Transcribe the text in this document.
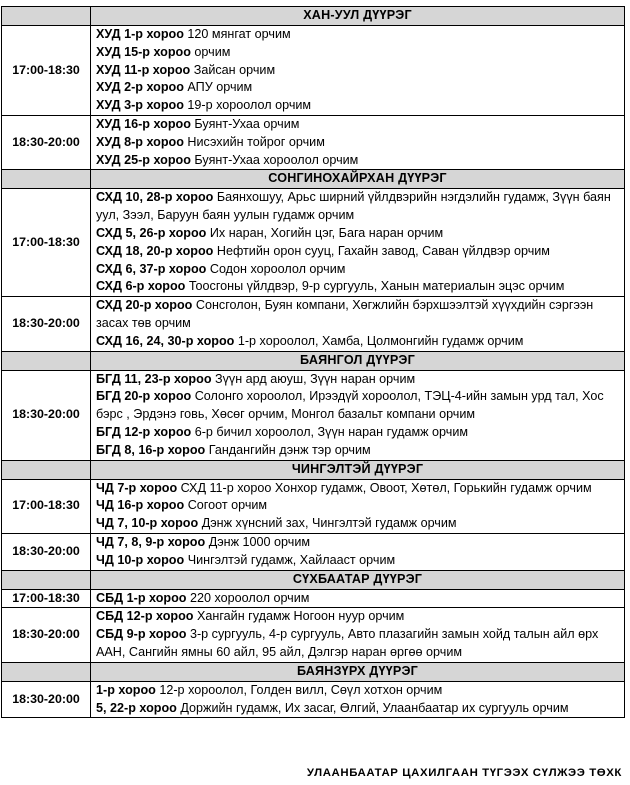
	ХАН-УУЛ ДҮҮРЭГ
17:00-18:30	ХУД 1-р хороо 120 мянгат орчим
ХУД 15-р хороо орчим
ХУД 11-р хороо Зайсан орчим
ХУД 2-р хороо АПУ орчим
ХУД 3-р хороо 19-р хороолол орчим

18:30-20:00	ХУД 16-р хороо Буянт-Ухаа орчим
ХУД 8-р хороо Нисэхийн тойрог орчим
ХУД 25-р хороо Буянт-Ухаа хороолол орчим

	СОНГИНОХАЙРХАН ДҮҮРЭГ
17:00-18:30	СХД 10, 28-р хороо Баянхошуу, Арьс ширний үйлдвэрийн нэгдэлийн гудамж, Зүүн баян уул, Зээл, Баруун баян уулын гудамж орчим
СХД 5, 26-р хороо Их наран, Хогийн цэг, Бага наран орчим
СХД 18, 20-р хороо Нефтийн орон сууц, Гахайн завод, Саван үйлдвэр орчим
СХД 6, 37-р хороо Содон хороолол орчим
СХД 6-р хороо Тоосгоны үйлдвэр, 9-р сургууль, Ханын материалын эцэс орчим

18:30-20:00	СХД 20-р хороо Сонсголон, Буян компани, Хөгжлийн бэрхшээлтэй хүүхдийн сэргээн засах төв орчим
СХД 16, 24, 30-р хороо 1-р хороолол, Хамба, Цолмонгийн гудамж орчим

	БАЯНГОЛ ДҮҮРЭГ
18:30-20:00	БГД 11, 23-р хороо Зүүн ард аюуш, Зүүн наран орчим
БГД 20-р хороо Солонго хороолол, Ирээдүй хороолол, ТЭЦ-4-ийн замын урд тал, Хос бэрс , Эрдэнэ говь, Хөсөг орчим, Монгол базальт компани орчим
БГД 12-р хороо 6-р бичил хороолол, Зүүн наран гудамж орчим
БГД 8, 16-р хороо Гандангийн дэнж тэр орчим

	ЧИНГЭЛТЭЙ ДҮҮРЭГ
17:00-18:30	ЧД 7-р хороо СХД 11-р хороо Хонхор гудамж, Овоот, Хөтөл, Горькийн гудамж орчим
ЧД 16-р хороо Согоот орчим
ЧД 7, 10-р хороо Дэнж хүнсний зах, Чингэлтэй гудамж орчим

18:30-20:00	ЧД 7, 8, 9-р хороо Дэнж 1000 орчим
ЧД 10-р хороо Чингэлтэй гудамж, Хайлааст орчим

	СҮХБААТАР ДҮҮРЭГ
17:00-18:30	СБД 1-р хороо 220 хороолол орчим

18:30-20:00	СБД 12-р хороо Хангайн гудамж Ногоон нуур орчим
СБД 9-р хороо 3-р сургууль, 4-р сургууль, Авто плазагийн замын хойд талын айл өрх ААН, Сангийн ямны 60 айл, 95 айл, Дэлгэр наран өргөө орчим

	БАЯНЗҮРХ ДҮҮРЭГ
18:30-20:00	1-р хороо 12-р хороолол, Голден вилл, Сөүл хотхон орчим
5, 22-р хороо Доржийн гудамж, Их засаг, Өлгий, Улаанбаатар их сургууль орчим
УЛААНБААТАР ЦАХИЛГААН ТҮГЭЭХ СҮЛЖЭЭ ТӨХК
